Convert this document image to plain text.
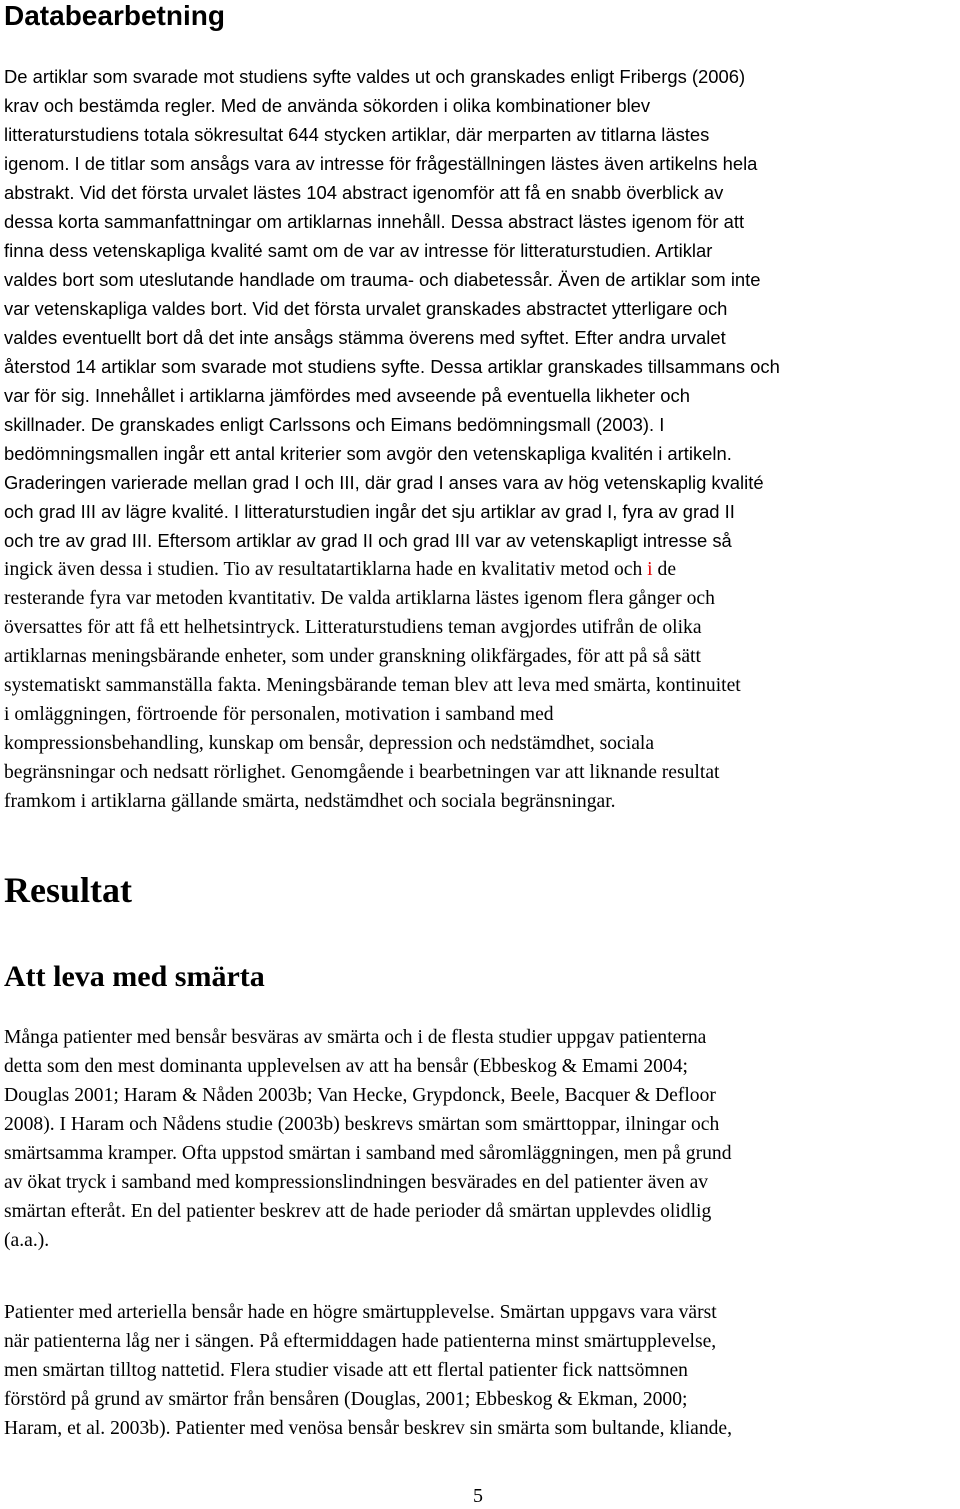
Databearbetning
De artiklar som svarade mot studiens syfte valdes ut och granskades enligt Fribergs (2006)
krav och bestämda regler. Med de använda sökorden i olika kombinationer blev
litteraturstudiens totala sökresultat 644 stycken artiklar, där merparten av titlarna lästes
igenom. I de titlar som ansågs vara av intresse för frågeställningen lästes även artikelns hela
abstrakt. Vid det första urvalet lästes 104 abstract igenomför att få en snabb överblick av
dessa korta sammanfattningar om artiklarnas innehåll. Dessa abstract lästes igenom för att
finna dess vetenskapliga kvalité samt om de var av intresse för litteraturstudien. Artiklar
valdes bort som uteslutande handlade om trauma- och diabetessår. Även de artiklar som inte
var vetenskapliga valdes bort. Vid det första urvalet granskades abstractet ytterligare och
valdes eventuellt bort då det inte ansågs stämma överens med syftet. Efter andra urvalet
återstod 14 artiklar som svarade mot studiens syfte. Dessa artiklar granskades tillsammans och
var för sig. Innehållet i artiklarna jämfördes med avseende på eventuella likheter och
skillnader. De granskades enligt Carlssons och Eimans bedömningsmall (2003). I
bedömningsmallen ingår ett antal kriterier som avgör den vetenskapliga kvalitén i artikeln.
Graderingen varierade mellan grad I och III, där grad I anses vara av hög vetenskaplig kvalité
och grad III av lägre kvalité. I litteraturstudien ingår det sju artiklar av grad I, fyra av grad II
och tre av grad III. Eftersom artiklar av grad II och grad III var av vetenskapligt intresse så
ingick även dessa i studien. Tio av resultatartiklarna hade en kvalitativ metod och i de
resterande fyra var metoden kvantitativ. De valda artiklarna lästes igenom flera gånger och
översattes för att få ett helhetsintryck. Litteraturstudiens teman avgjordes utifrån de olika
artiklarnas meningsbärande enheter, som under granskning olikfärgades, för att på så sätt
systematiskt sammanställa fakta. Meningsbärande teman blev att leva med smärta, kontinuitet
i omläggningen, förtroende för personalen, motivation i samband med
kompressionsbehandling, kunskap om bensår, depression och nedstämdhet, sociala
begränsningar och nedsatt rörlighet. Genomgående i bearbetningen var att liknande resultat
framkom i artiklarna gällande smärta, nedstämdhet och sociala begränsningar.
Resultat
Att leva med smärta
Många patienter med bensår besväras av smärta och i de flesta studier uppgav patienterna
detta som den mest dominanta upplevelsen av att ha bensår (Ebbeskog & Emami 2004;
Douglas 2001; Haram & Nåden 2003b; Van Hecke, Grypdonck, Beele, Bacquer & Defloor
2008). I Haram och Nådens studie (2003b) beskrevs smärtan som smärttoppar, ilningar och
smärtsamma kramper. Ofta uppstod smärtan i samband med såromläggningen, men på grund
av ökat tryck i samband med kompressionslindningen besvärades en del patienter även av
smärtan efteråt. En del patienter beskrev att de hade perioder då smärtan upplevdes olidlig
(a.a.).
Patienter med arteriella bensår hade en högre smärtupplevelse. Smärtan uppgavs vara värst
när patienterna låg ner i sängen. På eftermiddagen hade patienterna minst smärtupplevelse,
men smärtan tilltog nattetid. Flera studier visade att ett flertal patienter fick nattsömnen
förstörd på grund av smärtor från bensåren (Douglas, 2001; Ebbeskog & Ekman, 2000;
Haram, et al. 2003b). Patienter med venösa bensår beskrev sin smärta som bultande, kliande,
5
